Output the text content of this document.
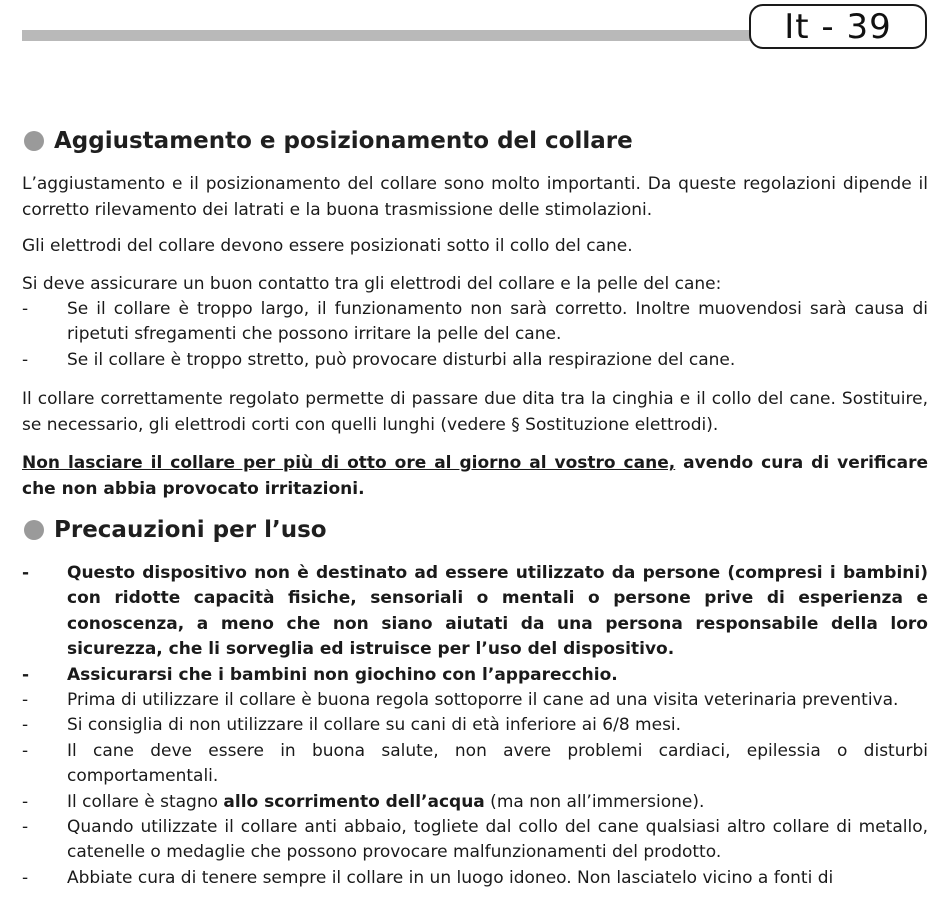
It - 39
Aggiustamento e posizionamento del collare

L’aggiustamento e il posizionamento del collare sono molto importanti. Da queste regolazioni dipende il corretto rilevamento dei latrati e la buona trasmissione delle stimolazioni.

Gli elettrodi del collare devono essere posizionati sotto il collo del cane.

Si deve assicurare un buon contatto tra gli elettrodi del collare e la pelle del cane:

- Se il collare è troppo largo, il funzionamento non sarà corretto. Inoltre muovendosi sarà causa di ripetuti sfregamenti che possono irritare la pelle del cane.
- Se il collare è troppo stretto, può provocare disturbi alla respirazione del cane.

Il collare correttamente regolato permette di passare due dita tra la cinghia e il collo del cane. Sostituire, se necessario, gli elettrodi corti con quelli lunghi (vedere § Sostituzione elettrodi).

Non lasciare il collare per più di otto ore al giorno al vostro cane, avendo cura di verificare che non abbia provocato irritazioni.

Precauzioni per l’uso
- Questo dispositivo non è destinato ad essere utilizzato da persone (compresi i bambini) con ridotte capacità fisiche, sensoriali o mentali o persone prive di esperienza e conoscenza, a meno che non siano aiutati da una persona responsabile della loro sicurezza, che li sorveglia ed istruisce per l’uso del dispositivo.
- Assicurarsi che i bambini non giochino con l’apparecchio.
- Prima di utilizzare il collare è buona regola sottoporre il cane ad una visita veterinaria preventiva.
- Si consiglia di non utilizzare il collare su cani di età inferiore ai 6/8 mesi.
- Il cane deve essere in buona salute, non avere problemi cardiaci, epilessia o disturbi comportamentali.
- Il collare è stagno allo scorrimento dell’acqua (ma non all’immersione).
- Quando utilizzate il collare anti abbaio, togliete dal collo del cane qualsiasi altro collare di metallo, catenelle o medaglie che possono provocare malfunzionamenti del prodotto.
- Abbiate cura di tenere sempre il collare in un luogo idoneo. Non lasciatelo vicino a fonti di
